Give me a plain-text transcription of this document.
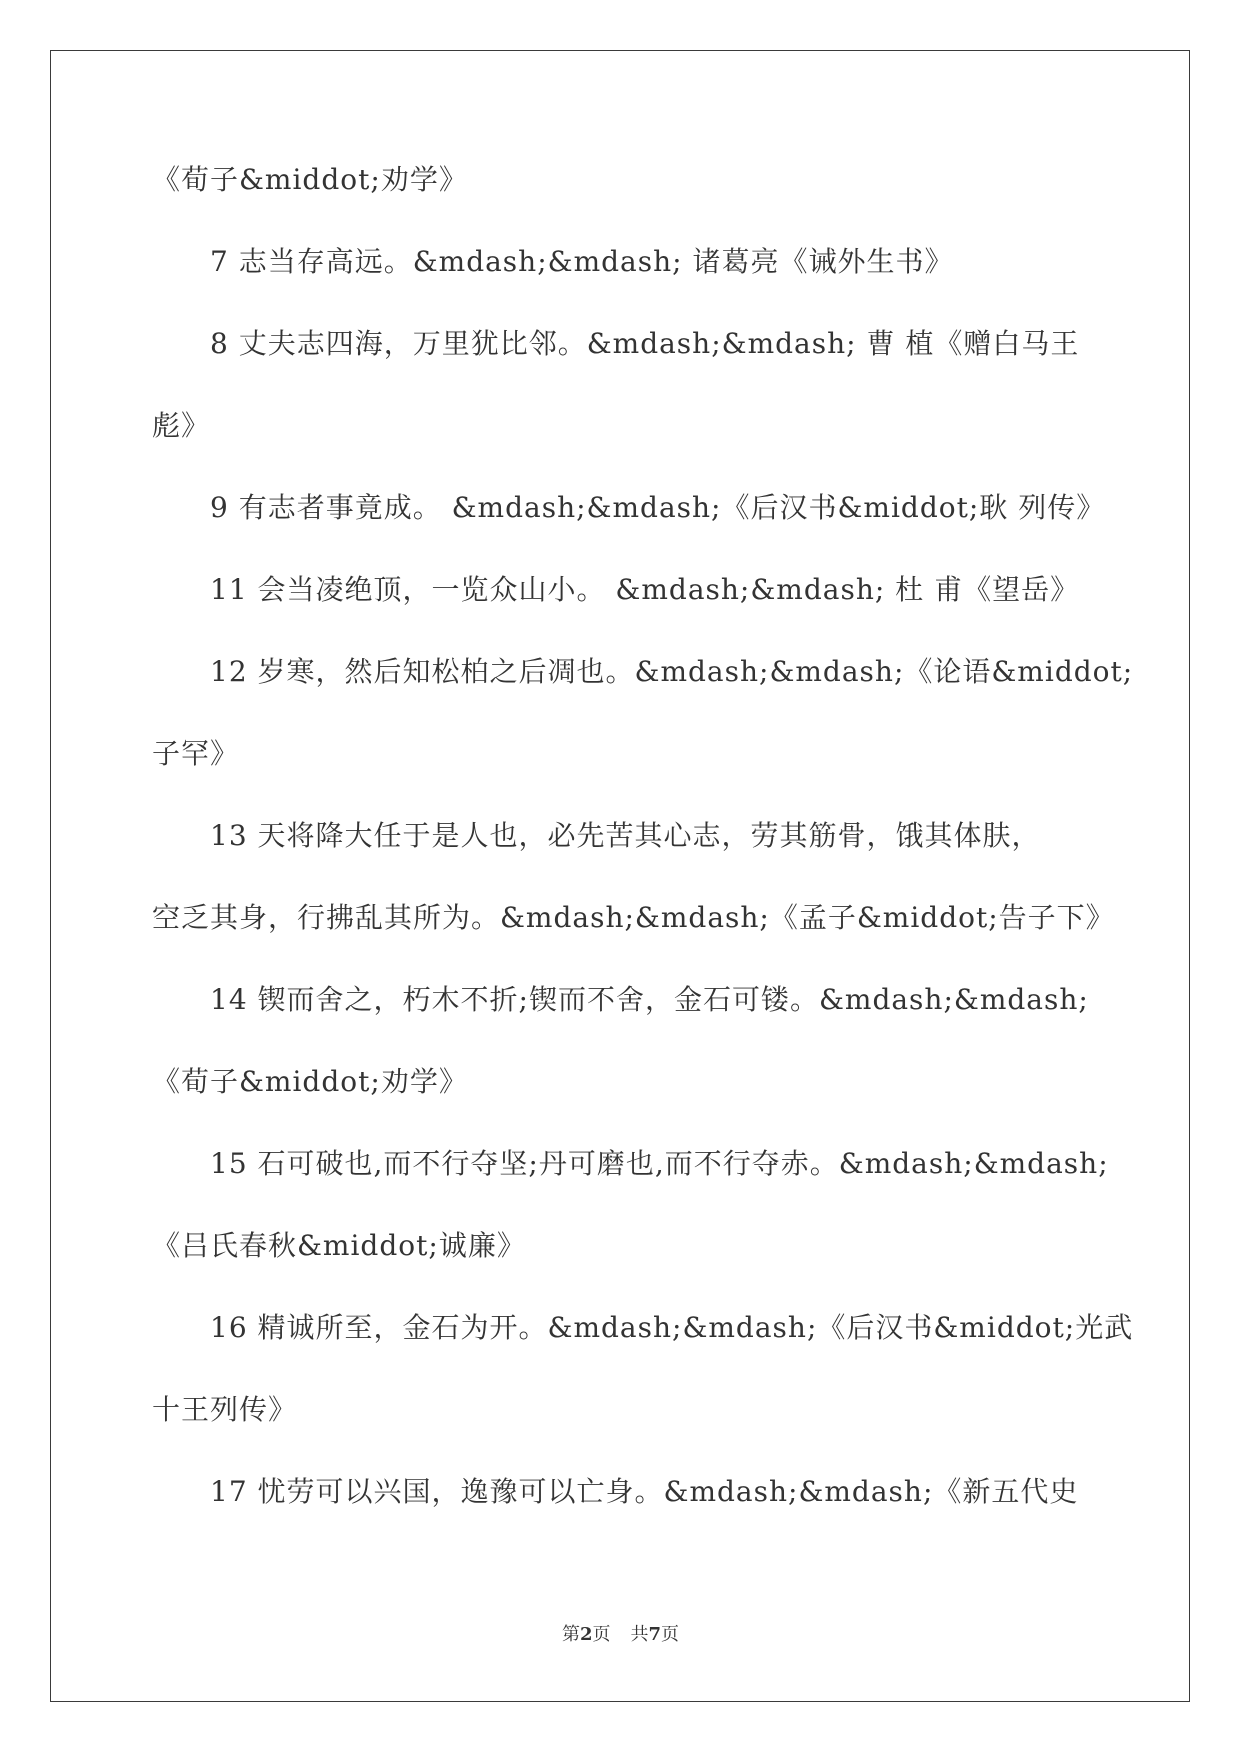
《荀子&middot;劝学》
7 志当存高远。&mdash;&mdash; 诸葛亮《诫外生书》
8 丈夫志四海，万里犹比邻。&mdash;&mdash; 曹 植《赠白马王
彪》
9 有志者事竟成。 &mdash;&mdash;《后汉书&middot;耿 列传》
11 会当凌绝顶，一览众山小。 &mdash;&mdash; 杜 甫《望岳》
12 岁寒，然后知松柏之后凋也。&mdash;&mdash;《论语&middot;
子罕》
13 天将降大任于是人也，必先苦其心志，劳其筋骨，饿其体肤，
空乏其身，行拂乱其所为。&mdash;&mdash;《孟子&middot;告子下》
14 锲而舍之，朽木不折;锲而不舍，金石可镂。&mdash;&mdash;
《荀子&middot;劝学》
15 石可破也,而不行夺坚;丹可磨也,而不行夺赤。&mdash;&mdash;
《吕氏春秋&middot;诚廉》
16 精诚所至，金石为开。&mdash;&mdash;《后汉书&middot;光武
十王列传》
17 忧劳可以兴国，逸豫可以亡身。&mdash;&mdash;《新五代史
第2页 共7页
